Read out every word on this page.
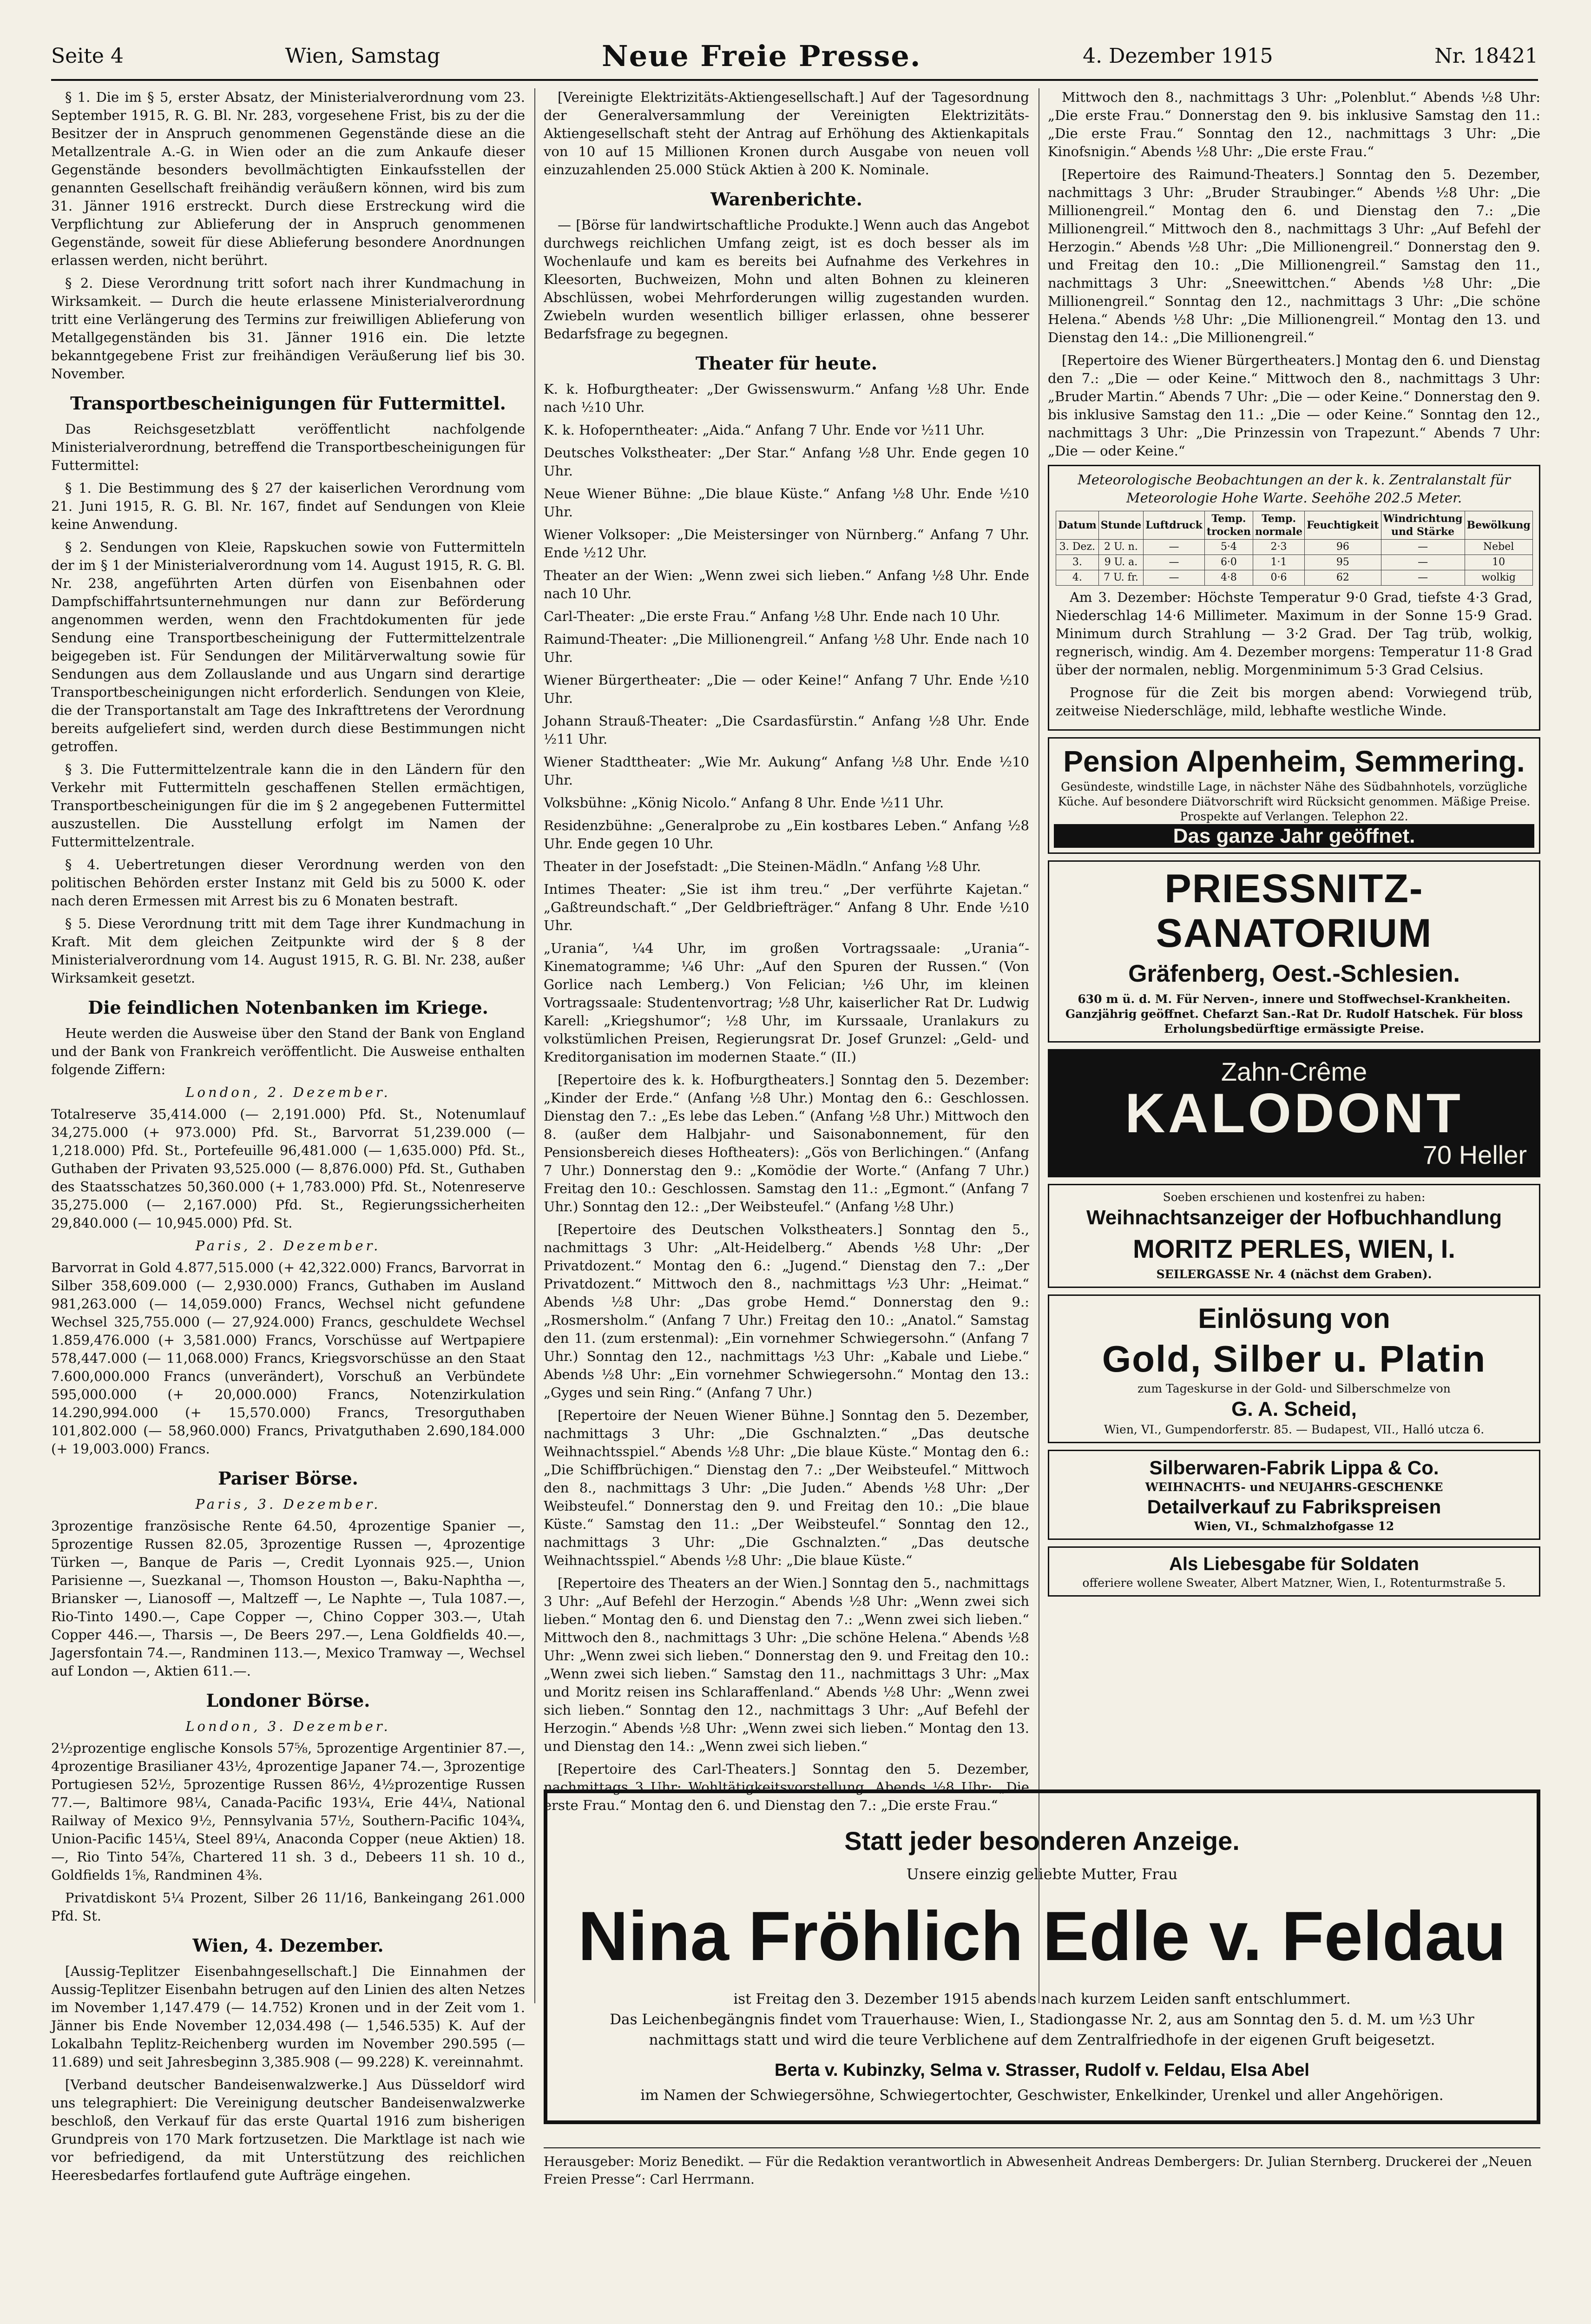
Seite 4	Wien, Samstag	Neue Freie Presse.	4. Dezember 1915	Nr. 18421

§ 1. Die im § 5, erster Absatz, der Ministerialverordnung vom 23. September 1915, R. G. Bl. Nr. 283, vorgesehene Frist, bis zu der die Besitzer der in Anspruch genommenen Gegenstände diese an die Metallzentrale A.-G. in Wien oder an die zum Ankaufe dieser Gegenstände besonders bevollmächtigten Einkaufsstellen der genannten Gesellschaft freihändig veräußern können, wird bis zum 31. Jänner 1916 erstreckt. Durch diese Erstreckung wird die Verpflichtung zur Ablieferung der in Anspruch genommenen Gegenstände, soweit für diese Ablieferung besondere Anordnungen erlassen werden, nicht berührt.

§ 2. Diese Verordnung tritt sofort nach ihrer Kundmachung in Wirksamkeit. — Durch die heute erlassene Ministerialverordnung tritt eine Verlängerung des Termins zur freiwilligen Ablieferung von Metallgegenständen bis 31. Jänner 1916 ein. Die letzte bekanntgegebene Frist zur freihändigen Veräußerung lief bis 30. November.

Transportbescheinigungen für Futtermittel.

Das Reichsgesetzblatt veröffentlicht nachfolgende Ministerialverordnung, betreffend die Transportbescheinigungen für Futtermittel:

§ 1. Die Bestimmung des § 27 der kaiserlichen Verordnung vom 21. Juni 1915, R. G. Bl. Nr. 167, findet auf Sendungen von Kleie keine Anwendung.

§ 2. Sendungen von Kleie, Rapskuchen sowie von Futtermitteln der im § 1 der Ministerialverordnung vom 14. August 1915, R. G. Bl. Nr. 238, angeführten Arten dürfen von Eisenbahnen oder Dampfschiffahrtsunternehmungen nur dann zur Beförderung angenommen werden, wenn den Frachtdokumenten für jede Sendung eine Transportbescheinigung der Futtermittelzentrale beigegeben ist. Für Sendungen der Militärverwaltung sowie für Sendungen aus dem Zollauslande und aus Ungarn sind derartige Transportbescheinigungen nicht erforderlich. Sendungen von Kleie, die der Transportanstalt am Tage des Inkrafttretens der Verordnung bereits aufgeliefert sind, werden durch diese Bestimmungen nicht getroffen.

§ 3. Die Futtermittelzentrale kann die in den Ländern für den Verkehr mit Futtermitteln geschaffenen Stellen ermächtigen, Transportbescheinigungen für die im § 2 angegebenen Futtermittel auszustellen. Die Ausstellung erfolgt im Namen der Futtermittelzentrale.

§ 4. Uebertretungen dieser Verordnung werden von den politischen Behörden erster Instanz mit Geld bis zu 5000 K. oder nach deren Ermessen mit Arrest bis zu 6 Monaten bestraft.

§ 5. Diese Verordnung tritt mit dem Tage ihrer Kundmachung in Kraft. Mit dem gleichen Zeitpunkte wird der § 8 der Ministerialverordnung vom 14. August 1915, R. G. Bl. Nr. 238, außer Wirksamkeit gesetzt.

Die feindlichen Notenbanken im Kriege.

Heute werden die Ausweise über den Stand der Bank von England und der Bank von Frankreich veröffentlicht. Die Ausweise enthalten folgende Ziffern:

London, 2. Dezember.

Totalreserve 35,414.000 (— 2,191.000) Pfd. St., Notenumlauf 34,275.000 (+ 973.000) Pfd. St., Barvorrat 51,239.000 (— 1,218.000) Pfd. St., Portefeuille 96,481.000 (— 1,635.000) Pfd. St., Guthaben der Privaten 93,525.000 (— 8,876.000) Pfd. St., Guthaben des Staatsschatzes 50,360.000 (+ 1,783.000) Pfd. St., Notenreserve 35,275.000 (— 2,167.000) Pfd. St., Regierungssicherheiten 29,840.000 (— 10,945.000) Pfd. St.

Paris, 2. Dezember.

Barvorrat in Gold 4.877,515.000 (+ 42,322.000) Francs, Barvorrat in Silber 358,609.000 (— 2,930.000) Francs, Guthaben im Ausland 981,263.000 (— 14,059.000) Francs, Wechsel nicht gefundene Wechsel 325,755.000 (— 27,924.000) Francs, geschuldete Wechsel 1.859,476.000 (+ 3,581.000) Francs, Vorschüsse auf Wertpapiere 578,447.000 (— 11,068.000) Francs, Kriegsvorschüsse an den Staat 7.600,000.000 Francs (unverändert), Vorschuß an Verbündete 595,000.000 (+ 20,000.000) Francs, Notenzirkulation 14.290,994.000 (+ 15,570.000) Francs, Tresorguthaben 101,802.000 (— 58,960.000) Francs, Privatguthaben 2.690,184.000 (+ 19,003.000) Francs.

Pariser Börse.

Paris, 3. Dezember.

3prozentige französische Rente 64.50, 4prozentige Spanier —, 5prozentige Russen 82.05, 3prozentige Russen —, 4prozentige Türken —, Banque de Paris —, Credit Lyonnais 925.—, Union Parisienne —, Suezkanal —, Thomson Houston —, Baku-Naphtha —, Briansker —, Lianosoff —, Maltzeff —, Le Naphte —, Tula 1087.—, Rio-Tinto 1490.—, Cape Copper —, Chino Copper 303.—, Utah Copper 446.—, Tharsis —, De Beers 297.—, Lena Goldfields 40.—, Jagersfontain 74.—, Randminen 113.—, Mexico Tramway —, Wechsel auf London —, Aktien 611.—.

Londoner Börse.

London, 3. Dezember.

2½prozentige englische Konsols 57⅝, 5prozentige Argentinier 87.—, 4prozentige Brasilianer 43½, 4prozentige Japaner 74.—, 3prozentige Portugiesen 52½, 5prozentige Russen 86½, 4½prozentige Russen 77.—, Baltimore 98¼, Canada-Pacific 193¼, Erie 44¼, National Railway of Mexico 9½, Pennsylvania 57½, Southern-Pacific 104¾, Union-Pacific 145¼, Steel 89¼, Anaconda Copper (neue Aktien) 18.—, Rio Tinto 54⅞, Chartered 11 sh. 3 d., Debeers 11 sh. 10 d., Goldfields 1⅝, Randminen 4⅜.

Privatdiskont 5¼ Prozent, Silber 26 11/16, Bankeingang 261.000 Pfd. St.

Wien, 4. Dezember.

[Aussig-Teplitzer Eisenbahngesellschaft.] Die Einnahmen der Aussig-Teplitzer Eisenbahn betrugen auf den Linien des alten Netzes im November 1,147.479 (— 14.752) Kronen und in der Zeit vom 1. Jänner bis Ende November 12,034.498 (— 1,546.535) K. Auf der Lokalbahn Teplitz-Reichenberg wurden im November 290.595 (— 11.689) und seit Jahresbeginn 3,385.908 (— 99.228) K. vereinnahmt.

[Verband deutscher Bandeisenwalzwerke.] Aus Düsseldorf wird uns telegraphiert: Die Vereinigung deutscher Bandeisenwalzwerke beschloß, den Verkauf für das erste Quartal 1916 zum bisherigen Grundpreis von 170 Mark fortzusetzen. Die Marktlage ist nach wie vor befriedigend, da mit Unterstützung des reichlichen Heeresbedarfes fortlaufend gute Aufträge eingehen.

[Vereinigte Elektrizitäts-Aktiengesellschaft.] Auf der Tagesordnung der Generalversammlung der Vereinigten Elektrizitäts-Aktiengesellschaft steht der Antrag auf Erhöhung des Aktienkapitals von 10 auf 15 Millionen Kronen durch Ausgabe von neuen voll einzuzahlenden 25.000 Stück Aktien à 200 K. Nominale.

Warenberichte.

— [Börse für landwirtschaftliche Produkte.] Wenn auch das Angebot durchwegs reichlichen Umfang zeigt, ist es doch besser als im Wochenlaufe und kam es bereits bei Aufnahme des Verkehres in Kleesorten, Buchweizen, Mohn und alten Bohnen zu kleineren Abschlüssen, wobei Mehrforderungen willig zugestanden wurden. Zwiebeln wurden wesentlich billiger erlassen, ohne besserer Bedarfsfrage zu begegnen.

Theater für heute.

K. k. Hofburgtheater: „Der Gwissenswurm.“ Anfang ½8 Uhr. Ende nach ½10 Uhr.

K. k. Hofoperntheater: „Aida.“ Anfang 7 Uhr. Ende vor ½11 Uhr.

Deutsches Volkstheater: „Der Star.“ Anfang ½8 Uhr. Ende gegen 10 Uhr.

Neue Wiener Bühne: „Die blaue Küste.“ Anfang ½8 Uhr. Ende ½10 Uhr.

Wiener Volksoper: „Die Meistersinger von Nürnberg.“ Anfang 7 Uhr. Ende ½12 Uhr.

Theater an der Wien: „Wenn zwei sich lieben.“ Anfang ½8 Uhr. Ende nach 10 Uhr.

Carl-Theater: „Die erste Frau.“ Anfang ½8 Uhr. Ende nach 10 Uhr.

Raimund-Theater: „Die Millionengreil.“ Anfang ½8 Uhr. Ende nach 10 Uhr.

Wiener Bürgertheater: „Die — oder Keine!“ Anfang 7 Uhr. Ende ½10 Uhr.

Johann Strauß-Theater: „Die Csardasfürstin.“ Anfang ½8 Uhr. Ende ½11 Uhr.

Wiener Stadttheater: „Wie Mr. Aukung“ Anfang ½8 Uhr. Ende ½10 Uhr.

Volksbühne: „König Nicolo.“ Anfang 8 Uhr. Ende ½11 Uhr.

Residenzbühne: „Generalprobe zu „Ein kostbares Leben.“ Anfang ½8 Uhr. Ende gegen 10 Uhr.

Theater in der Josefstadt: „Die Steinen-Mädln.“ Anfang ½8 Uhr.

Intimes Theater: „Sie ist ihm treu.“ „Der verführte Kajetan.“ „Gaßtreundschaft.“ „Der Geldbriefträger.“ Anfang 8 Uhr. Ende ½10 Uhr.

„Urania“, ¼4 Uhr, im großen Vortragssaale: „Urania“-Kinematogramme; ¼6 Uhr: „Auf den Spuren der Russen.“ (Von Gorlice nach Lemberg.) Von Felician; ½6 Uhr, im kleinen Vortragssaale: Studentenvortrag; ½8 Uhr, kaiserlicher Rat Dr. Ludwig Karell: „Kriegshumor“; ½8 Uhr, im Kurssaale, Uranlakurs zu volkstümlichen Preisen, Regierungsrat Dr. Josef Grunzel: „Geld- und Kreditorganisation im modernen Staate.“ (II.)

[Repertoire des k. k. Hofburgtheaters.] Sonntag den 5. Dezember: „Kinder der Erde.“ (Anfang ½8 Uhr.) Montag den 6.: Geschlossen. Dienstag den 7.: „Es lebe das Leben.“ (Anfang ½8 Uhr.) Mittwoch den 8. (außer dem Halbjahr- und Saisonabonnement, für den Pensionsbereich dieses Hoftheaters): „Gös von Berlichingen.“ (Anfang 7 Uhr.) Donnerstag den 9.: „Komödie der Worte.“ (Anfang 7 Uhr.) Freitag den 10.: Geschlossen. Samstag den 11.: „Egmont.“ (Anfang 7 Uhr.) Sonntag den 12.: „Der Weibsteufel.“ (Anfang ½8 Uhr.)

[Repertoire des Deutschen Volkstheaters.] Sonntag den 5., nachmittags 3 Uhr: „Alt-Heidelberg.“ Abends ½8 Uhr: „Der Privatdozent.“ Montag den 6.: „Jugend.“ Dienstag den 7.: „Der Privatdozent.“ Mittwoch den 8., nachmittags ½3 Uhr: „Heimat.“ Abends ½8 Uhr: „Das grobe Hemd.“ Donnerstag den 9.: „Rosmersholm.“ (Anfang 7 Uhr.) Freitag den 10.: „Anatol.“ Samstag den 11. (zum erstenmal): „Ein vornehmer Schwiegersohn.“ (Anfang 7 Uhr.) Sonntag den 12., nachmittags ½3 Uhr: „Kabale und Liebe.“ Abends ½8 Uhr: „Ein vornehmer Schwiegersohn.“ Montag den 13.: „Gyges und sein Ring.“ (Anfang 7 Uhr.)

[Repertoire der Neuen Wiener Bühne.] Sonntag den 5. Dezember, nachmittags 3 Uhr: „Die Gschnalzten.“ „Das deutsche Weihnachtsspiel.“ Abends ½8 Uhr: „Die blaue Küste.“ Montag den 6.: „Die Schiffbrüchigen.“ Dienstag den 7.: „Der Weibsteufel.“ Mittwoch den 8., nachmittags 3 Uhr: „Die Juden.“ Abends ½8 Uhr: „Der Weibsteufel.“ Donnerstag den 9. und Freitag den 10.: „Die blaue Küste.“ Samstag den 11.: „Der Weibsteufel.“ Sonntag den 12., nachmittags 3 Uhr: „Die Gschnalzten.“ „Das deutsche Weihnachtsspiel.“ Abends ½8 Uhr: „Die blaue Küste.“

[Repertoire des Theaters an der Wien.] Sonntag den 5., nachmittags 3 Uhr: „Auf Befehl der Herzogin.“ Abends ½8 Uhr: „Wenn zwei sich lieben.“ Montag den 6. und Dienstag den 7.: „Wenn zwei sich lieben.“ Mittwoch den 8., nachmittags 3 Uhr: „Die schöne Helena.“ Abends ½8 Uhr: „Wenn zwei sich lieben.“ Donnerstag den 9. und Freitag den 10.: „Wenn zwei sich lieben.“ Samstag den 11., nachmittags 3 Uhr: „Max und Moritz reisen ins Schlaraffenland.“ Abends ½8 Uhr: „Wenn zwei sich lieben.“ Sonntag den 12., nachmittags 3 Uhr: „Auf Befehl der Herzogin.“ Abends ½8 Uhr: „Wenn zwei sich lieben.“ Montag den 13. und Dienstag den 14.: „Wenn zwei sich lieben.“

[Repertoire des Carl-Theaters.] Sonntag den 5. Dezember, nachmittags 3 Uhr: Wohltätigkeitsvorstellung. Abends ½8 Uhr: „Die erste Frau.“ Montag den 6. und Dienstag den 7.: „Die erste Frau.“

Mittwoch den 8., nachmittags 3 Uhr: „Polenblut.“ Abends ½8 Uhr: „Die erste Frau.“ Donnerstag den 9. bis inklusive Samstag den 11.: „Die erste Frau.“ Sonntag den 12., nachmittags 3 Uhr: „Die Kinofsnigin.“ Abends ½8 Uhr: „Die erste Frau.“

[Repertoire des Raimund-Theaters.] Sonntag den 5. Dezember, nachmittags 3 Uhr: „Bruder Straubinger.“ Abends ½8 Uhr: „Die Millionengreil.“ Montag den 6. und Dienstag den 7.: „Die Millionengreil.“ Mittwoch den 8., nachmittags 3 Uhr: „Auf Befehl der Herzogin.“ Abends ½8 Uhr: „Die Millionengreil.“ Donnerstag den 9. und Freitag den 10.: „Die Millionengreil.“ Samstag den 11., nachmittags 3 Uhr: „Sneewittchen.“ Abends ½8 Uhr: „Die Millionengreil.“ Sonntag den 12., nachmittags 3 Uhr: „Die schöne Helena.“ Abends ½8 Uhr: „Die Millionengreil.“ Montag den 13. und Dienstag den 14.: „Die Millionengreil.“

[Repertoire des Wiener Bürgertheaters.] Montag den 6. und Dienstag den 7.: „Die — oder Keine.“ Mittwoch den 8., nachmittags 3 Uhr: „Bruder Martin.“ Abends 7 Uhr: „Die — oder Keine.“ Donnerstag den 9. bis inklusive Samstag den 11.: „Die — oder Keine.“ Sonntag den 12., nachmittags 3 Uhr: „Die Prinzessin von Trapezunt.“ Abends 7 Uhr: „Die — oder Keine.“

Meteorologische Beobachtungen an der k. k. Zentralanstalt für Meteorologie Hohe Warte. Seehöhe 202.5 Meter.

Datum	Stunde	Luftdruck	Temp. trocken	Temp. normale	Feuchtigkeit	Windrichtung und Stärke	Bewölkung
3. Dez.	2 U. n.	—	5·4	2·3	96	—	Nebel
3.	9 U. a.	—	6·0	1·1	95	—	10
4.	7 U. fr.	—	4·8	0·6	62	—	wolkig

Am 3. Dezember: Höchste Temperatur 9·0 Grad, tiefste 4·3 Grad, Niederschlag 14·6 Millimeter. Maximum in der Sonne 15·9 Grad. Minimum durch Strahlung — 3·2 Grad. Der Tag trüb, wolkig, regnerisch, windig. Am 4. Dezember morgens: Temperatur 11·8 Grad über der normalen, neblig. Morgenminimum 5·3 Grad Celsius.

Prognose für die Zeit bis morgen abend: Vorwiegend trüb, zeitweise Niederschläge, mild, lebhafte westliche Winde.

Pension Alpenheim, Semmering.
Gesündeste, windstille Lage, in nächster Nähe des Südbahnhotels, vorzügliche Küche. Auf besondere Diätvorschrift wird Rücksicht genommen. Mäßige Preise. Prospekte auf Verlangen. Telephon 22.
Das ganze Jahr geöffnet.
PRIESSNITZ-SANATORIUM
Gräfenberg, Oest.-Schlesien.
630 m ü. d. M. Für Nerven-, innere und Stoffwechsel-Krankheiten. Ganzjährig geöffnet. Chefarzt San.-Rat Dr. Rudolf Hatschek. Für bloss Erholungsbedürftige ermässigte Preise.
Zahn-Crême
KALODONT
70 Heller
Soeben erschienen und kostenfrei zu haben:
Weihnachtsanzeiger der Hofbuchhandlung
MORITZ PERLES, WIEN, I.
SEILERGASSE Nr. 4 (nächst dem Graben).
Einlösung von
Gold, Silber u. Platin
zum Tageskurse in der Gold- und Silberschmelze von
G. A. Scheid,
Wien, VI., Gumpendorferstr. 85. — Budapest, VII., Halló utcza 6.
Silberwaren-Fabrik Lippa & Co.
WEIHNACHTS- und NEUJAHRS-GESCHENKE
Detailverkauf zu Fabrikspreisen
Wien, VI., Schmalzhofgasse 12
Als Liebesgabe für Soldaten
offeriere wollene Sweater, Albert Matzner, Wien, I., Rotenturmstraße 5.
Statt jeder besonderen Anzeige.
Unsere einzig geliebte Mutter, Frau
Nina Fröhlich Edle v. Feldau
ist Freitag den 3. Dezember 1915 abends nach kurzem Leiden sanft entschlummert.
Das Leichenbegängnis findet vom Trauerhause: Wien, I., Stadiongasse Nr. 2, aus am Sonntag den 5. d. M. um ½3 Uhr nachmittags statt und wird die teure Verblichene auf dem Zentralfriedhofe in der eigenen Gruft beigesetzt.
Berta v. Kubinzky, Selma v. Strasser, Rudolf v. Feldau, Elsa Abel
im Namen der Schwiegersöhne, Schwiegertochter, Geschwister, Enkelkinder, Urenkel und aller Angehörigen.
Herausgeber: Moriz Benedikt. — Für die Redaktion verantwortlich in Abwesenheit Andreas Dembergers: Dr. Julian Sternberg. Druckerei der „Neuen Freien Presse“: Carl Herrmann.
